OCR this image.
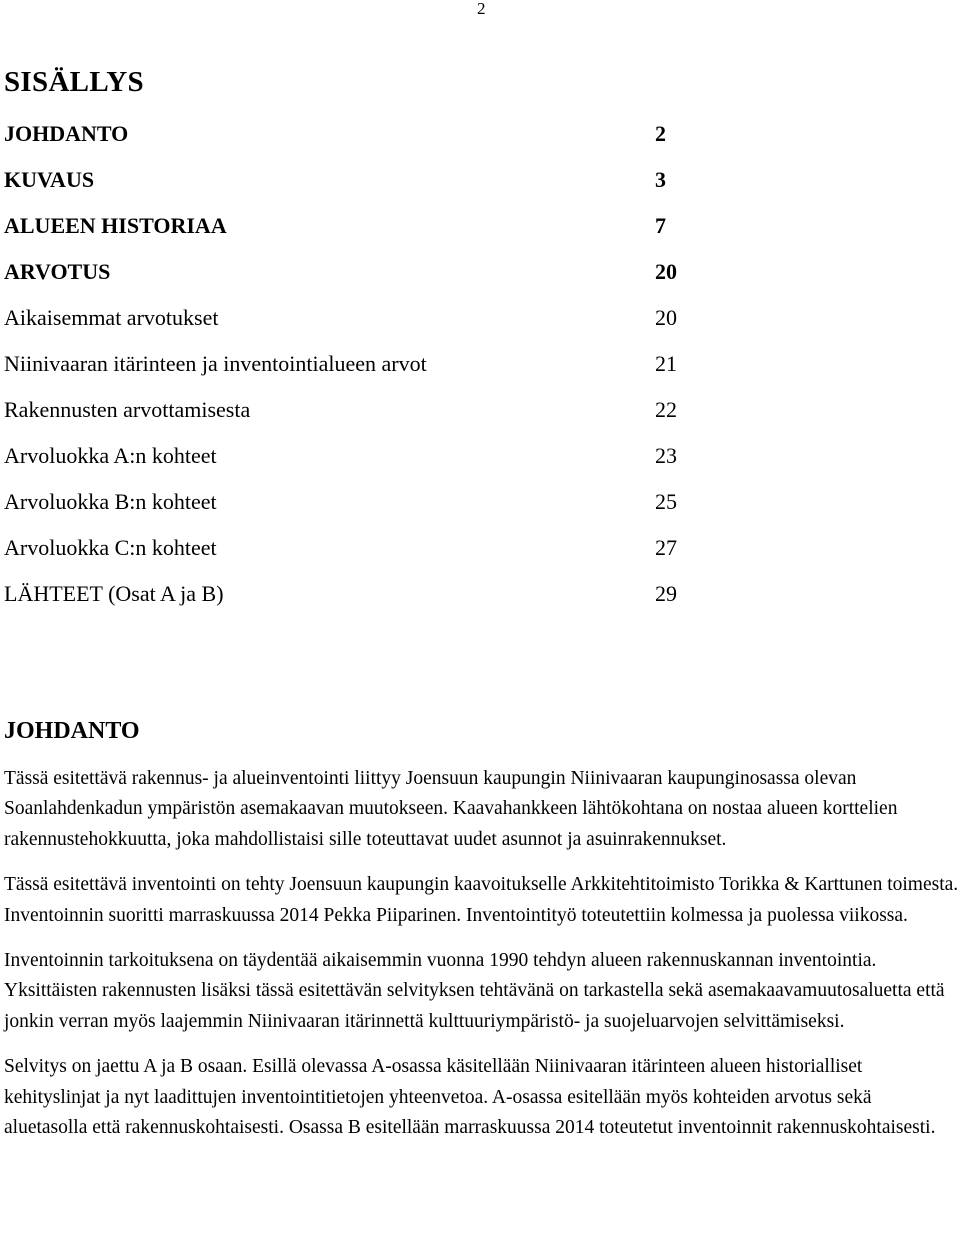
2
SISÄLLYS
JOHDANTO	2
KUVAUS	3
ALUEEN HISTORIAA	7
ARVOTUS	20
Aikaisemmat arvotukset	20
Niinivaaran itärinteen ja inventointialueen arvot	21
Rakennusten arvottamisesta	22
Arvoluokka A:n kohteet	23
Arvoluokka B:n kohteet	25
Arvoluokka C:n kohteet	27
LÄHTEET (Osat A ja B)	29
JOHDANTO

Tässä esitettävä rakennus- ja alueinventointi liittyy Joensuun kaupungin Niinivaaran kaupunginosassa olevan Soanlahdenkadun ympäristön asemakaavan muutokseen. Kaavahankkeen lähtökohtana on nostaa alueen korttelien rakennustehokkuutta, joka mahdollistaisi sille toteuttavat uudet asunnot ja asuinrakennukset.

Tässä esitettävä inventointi on tehty Joensuun kaupungin kaavoitukselle Arkkitehtitoimisto Torikka & Karttunen toimesta. Inventoinnin suoritti marraskuussa 2014 Pekka Piiparinen. Inventointityö toteutettiin kolmessa ja puolessa viikossa.

Inventoinnin tarkoituksena on täydentää aikaisemmin vuonna 1990 tehdyn alueen rakennuskannan inventointia. Yksittäisten rakennusten lisäksi tässä esitettävän selvityksen tehtävänä on tarkastella sekä asemakaavamuutosaluetta että jonkin verran myös laajemmin Niinivaaran itärinnettä kulttuuriympäristö- ja suojeluarvojen selvittämiseksi.

Selvitys on jaettu A ja B osaan. Esillä olevassa A-osassa käsitellään Niinivaaran itärinteen alueen historialliset kehityslinjat ja nyt laadittujen inventointitietojen yhteenvetoa. A-osassa esitellään myös kohteiden arvotus sekä aluetasolla että rakennuskohtaisesti. Osassa B esitellään marraskuussa 2014 toteutetut inventoinnit rakennuskohtaisesti.
